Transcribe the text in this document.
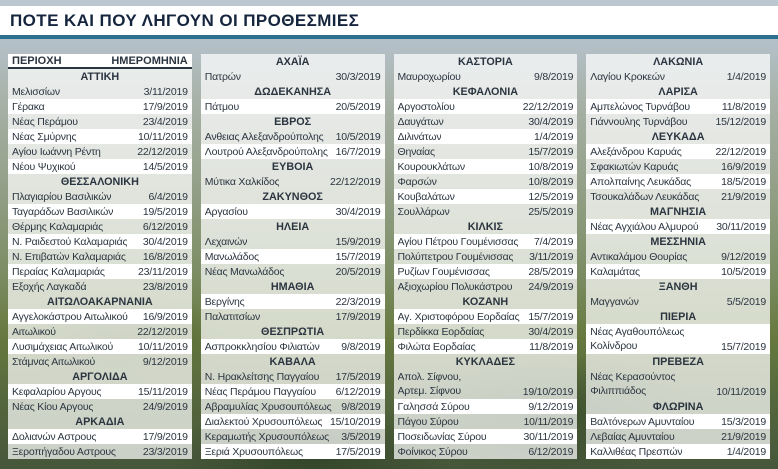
ΠΟΤΕ ΚΑΙ ΠΟΥ ΛΗΓΟΥΝ ΟΙ ΠΡΟΘΕΣΜΙΕΣ
ΠΕΡΙΟΧΗ	ΗΜΕΡΟΜΗΝΙΑ
ΑΤΤΙΚΗ
Μελισσίων	3/11/2019
Γέρακα	17/9/2019
Νέας Περάμου	23/4/2019
Νέας Σμύρνης	10/11/2019
Αγίου Ιωάννη Ρέντη	22/12/2019
Νέου Ψυχικού	14/5/2019
ΘΕΣΣΑΛΟΝΙΚΗ
Πλαγιαρίου Βασιλικών	6/4/2019
Ταγαράδων Βασιλικών	19/5/2019
Θέρμης Καλαμαριάς	6/12/2019
Ν. Ραιδεστού Καλαμαριάς 30/4/2019
Ν. Επιβατών Καλαμαριάς 16/8/2019
Περαίας Καλαμαριάς	23/11/2019
Εξοχής Λαγκαδά	23/8/2019
ΑΙΤΩΛΟΑΚΑΡΝΑΝΙΑ
Αγγελοκάστρου Αιτωλικού 16/9/2019
Αιτωλικού	22/12/2019
Λυσιμάχειας Αιτωλικού 10/11/2019
Στάμνας Αιτωλικού	9/12/2019
ΑΡΓΟΛΙΔΑ
Κεφαλαρίου Αργους	15/11/2019
Νέας Κίου Αργους	24/9/2019
ΑΡΚΑΔΙΑ
Δολιανών Αστρους	17/9/2019
Ξεροπήγαδου Αστρους	23/3/2019
ΑΧΑΪΑ
Πατρών	30/3/2019
ΔΩΔΕΚΑΝΗΣΑ
Πάτμου	20/5/2019
ΕΒΡΟΣ
Ανθειας Αλεξανδρούπολης 10/5/2019
Λουτρού Αλεξανδρούπολης 16/7/2019
ΕΥΒΟΙΑ
Μύτικα Χαλκίδος	22/12/2019
ΖΑΚΥΝΘΟΣ
Αργασίου	30/4/2019
ΗΛΕΙΑ
Λεχαινών	15/9/2019
Μανωλάδος	15/7/2019
Νέας Μανωλάδος	20/5/2019
ΗΜΑΘΙΑ
Βεργίνης	22/3/2019
Παλατιτσίων	17/9/2019
ΘΕΣΠΡΩΤΙΑ
Ασπροκκλησίου Φιλιατών 9/8/2019
ΚΑΒΑΛΑ
Ν. Ηρακλείτσης Παγγαίου 17/5/2019
Νέας Περάμου Παγγαίου 6/12/2019
Αβραμυλίας Χρυσουπόλεως 9/8/2019
Διαλεκτού Χρυσουπόλεως 15/10/2019
Κεραμωτής Χρυσουπόλεως 3/5/2019
Ξεριά Χρυσουπόλεως	17/5/2019
ΚΑΣΤΟΡΙΑ
Μαυροχωρίου	9/8/2019
ΚΕΦΑΛΟΝΙΑ
Αργοστολίου	22/12/2019
Δαυγάτων	30/4/2019
Διλινάτων	1/4/2019
Θηναίας	15/7/2019
Κουρουκλάτων	10/8/2019
Φαρσών	10/8/2019
Κουβαλάτων	12/5/2019
Σουλλάρων	25/5/2019
ΚΙΛΚΙΣ
Αγίου Πέτρου Γουμένισσας 7/4/2019
Πολύπετρου Γουμένισσας 3/11/2019
Ρυζίων Γουμένισσας	28/5/2019
Αξιοχωρίου Πολυκάστρου 24/9/2019
ΚΟΖΑΝΗ
Αγ. Χριστοφόρου Εορδαίας 15/7/2019
Περδίκκα Εορδαίας	30/4/2019
Φιλώτα Εορδαίας	11/8/2019
ΚΥΚΛΑΔΕΣ
Απολ. Σίφνου,
Αρτεμ. Σίφνου	19/10/2019
Γαλησσά Σύρου	9/12/2019
Πάγου Σύρου	10/11/2019
Ποσειδωνίας Σύρου	30/11/2019
Φοίνικος Σύρου	6/12/2019
ΛΑΚΩΝΙΑ
Λαγίου Κροκεών	1/4/2019
ΛΑΡΙΣΑ
Αμπελώνος Τυρνάβου	11/8/2019
Γιάννουλης Τυρνάβου	15/12/2019
ΛΕΥΚΑΔΑ
Αλεξάνδρου Καρυάς	22/12/2019
Σφακιωτών Καρυάς	16/9/2019
Απολπαίνης Λευκάδας	18/5/2019
Τσουκαλάδων Λευκάδας 21/9/2019
ΜΑΓΝΗΣΙΑ
Νέας Αγχιάλου Αλμυρού 30/11/2019
ΜΕΣΣΗΝΙΑ
Αντικαλάμου Θουρίας	9/12/2019
Καλαμάτας	10/5/2019
ΞΑΝΘΗ
Μαγγανών	5/5/2019
ΠΙΕΡΙΑ
Νέας Αγαθουπόλεως
Κολίνδρου	15/7/2019
ΠΡΕΒΕΖΑ
Νέας Κερασούντος
Φιλιππιάδος	10/11/2019
ΦΛΩΡΙΝΑ
Βαλτόνερων Αμυνταίου	15/3/2019
Λεβαίας Αμυνταίου	21/9/2019
Καλλιθέας Πρεσπών	1/4/2019
